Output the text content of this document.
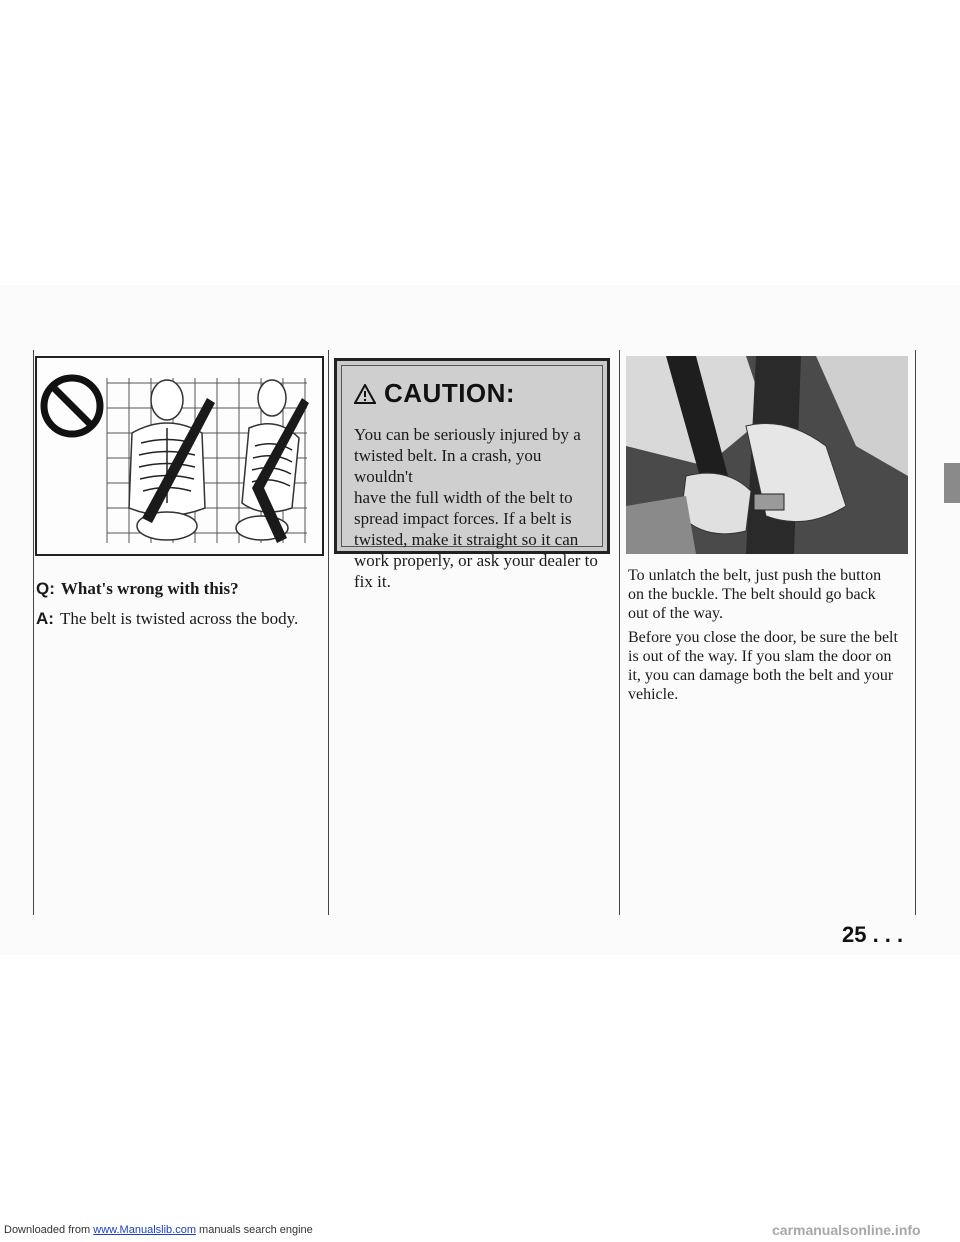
Q: What's wrong with this?
A: The belt is twisted across the body.
CAUTION:
You can be seriously injured by a
twisted belt. In a crash, you wouldn't
have the full width of the belt to
spread impact forces. If a belt is
twisted, make it straight so it can
work properly, or ask your dealer to
fix it.	To unlatch the belt, just push the button
on the buckle. The belt should go back
out of the way.
Before you close the door, be sure the belt
is out of the way. If you slam the door on
it, you can damage both the belt and your
vehicle.
25 . . .
Downloaded from www.Manualslib.com manuals search engine	carmanualsonline.info
